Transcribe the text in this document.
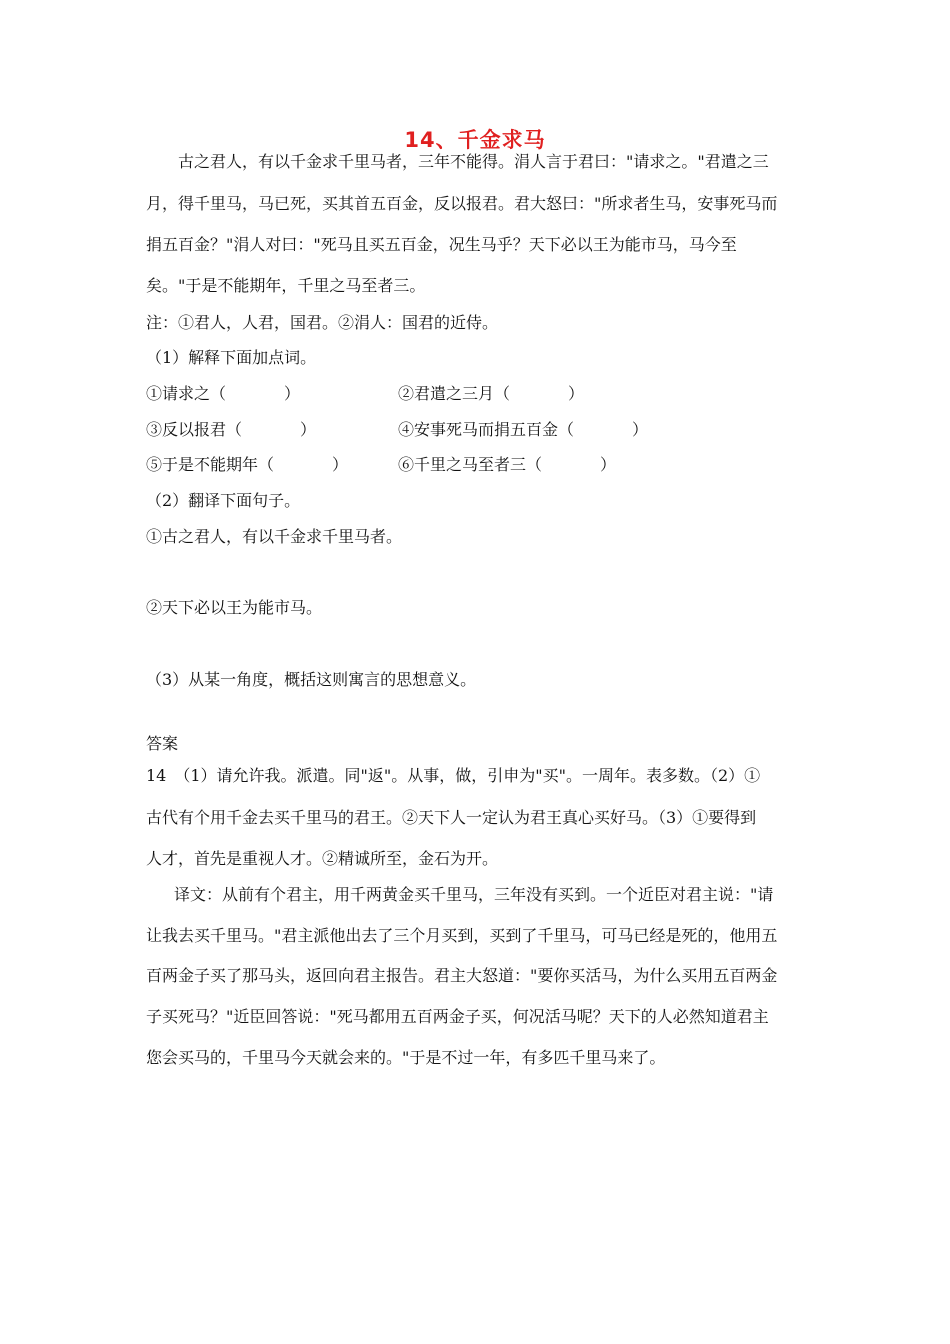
14、千金求马
古之君人，有以千金求千里马者，三年不能得。涓人言于君曰："请求之。"君遣之三
月，得千里马，马已死，买其首五百金，反以报君。君大怒曰："所求者生马，安事死马而
捐五百金？"涓人对曰："死马且买五百金，况生马乎？天下必以王为能市马，马今至
矣。"于是不能期年，千里之马至者三。
注：①君人，人君，国君。②涓人：国君的近侍。
（1）解释下面加点词。
①请求之（	）	②君遣之三月（	）
③反以报君（	）	④安事死马而捐五百金（	）
⑤于是不能期年（	）	⑥千里之马至者三（	）
（2）翻译下面句子。
①古之君人，有以千金求千里马者。
②天下必以王为能市马。
（3）从某一角度，概括这则寓言的思想意义。
答案
14　（1）请允许我。派遣。同"返"。从事，做，引申为"买"。一周年。表多数。（2）①
古代有个用千金去买千里马的君王。②天下人一定认为君王真心买好马。（3）①要得到
人才，首先是重视人才。②精诚所至，金石为开。
译文：从前有个君主，用千两黄金买千里马，三年没有买到。一个近臣对君主说："请
让我去买千里马。"君主派他出去了三个月买到，买到了千里马，可马已经是死的，他用五
百两金子买了那马头，返回向君主报告。君主大怒道："要你买活马，为什么买用五百两金
子买死马？"近臣回答说："死马都用五百两金子买，何况活马呢？天下的人必然知道君主
您会买马的，千里马今天就会来的。"于是不过一年，有多匹千里马来了。
